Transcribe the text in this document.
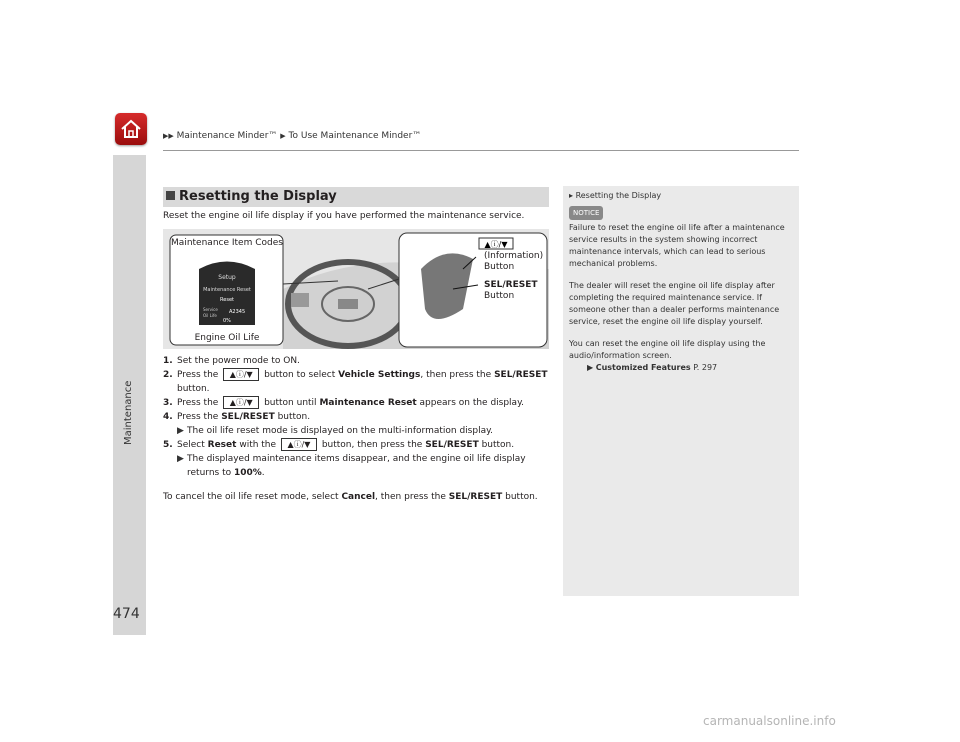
▶▶ Maintenance Minder™ ▶ To Use Maintenance Minder™
Maintenance
Resetting the Display
Reset the engine oil life display if you have performed the maintenance service.
▲ⓘ/▼
Maintenance Item Codes
Engine Oil Life
Setup
Maintenance Reset
Reset
Service
Oil Life
A2345
0%
(Information)
Button
SEL/RESET
Button
1. Set the power mode to ON.
2. Press the ▲ⓘ/▼ button to select Vehicle Settings, then press the SEL/RESET button.
3. Press the ▲ⓘ/▼ button until Maintenance Reset appears on the display.
4. Press the SEL/RESET button.
▶ The oil life reset mode is displayed on the multi-information display.
5. Select Reset with the ▲ⓘ/▼ button, then press the SEL/RESET button.
▶ The displayed maintenance items disappear, and the engine oil life display returns to 100%.
To cancel the oil life reset mode, select Cancel, then press the SEL/RESET button.
▸ Resetting the Display
NOTICE

Failure to reset the engine oil life after a maintenance service results in the system showing incorrect maintenance intervals, which can lead to serious mechanical problems.

The dealer will reset the engine oil life display after completing the required maintenance service. If someone other than a dealer performs maintenance service, reset the engine oil life display yourself.

You can reset the engine oil life display using the audio/information screen.

▶ Customized Features P. 297
474
carmanualsonline.info
